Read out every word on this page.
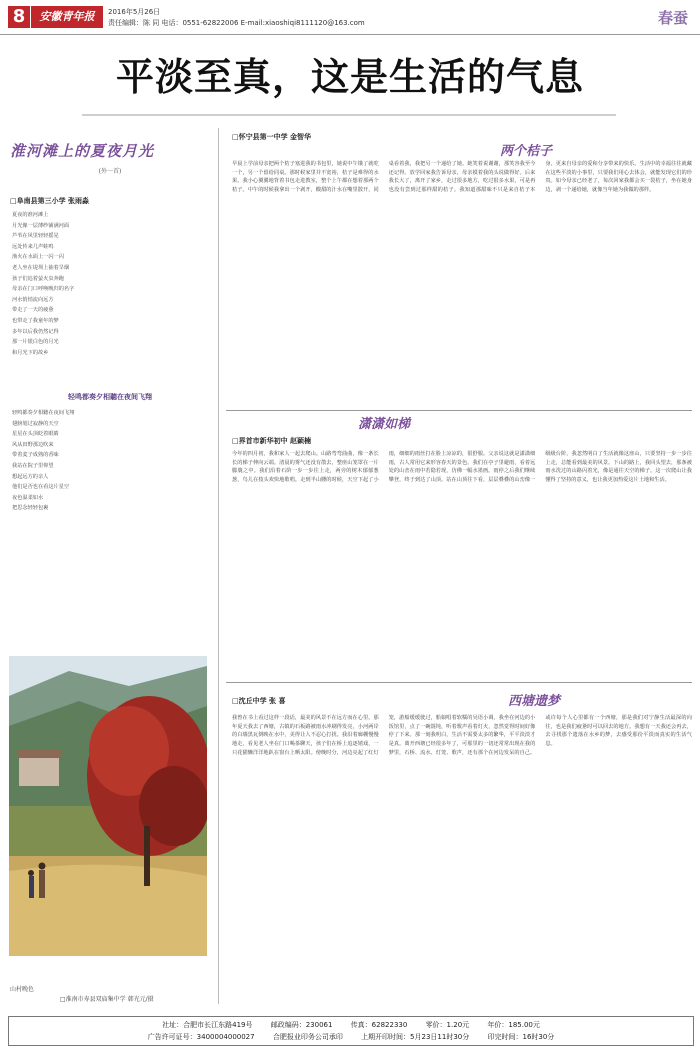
8	安徽青年报	2016年5月26日
责任编辑：陈 同 电话：0551-62822006 E-mail:xiaoshiqi8111120@163.com	春蚕
平淡至真，这是生活的气息
淮河滩上的夏夜月光
(外一首)
□阜南县第三小学 张雨淼
夏夜的淮河滩上
月光像一层薄纱铺满河面
芦苇在风里轻轻摇晃
远处传来几声蛙鸣
渔火在水面上一闪一闪
老人坐在堤坝上抽着旱烟
孩子们追着萤火虫奔跑
母亲在门口呼唤晚归的名字
河水悄悄流向远方
带走了一天的疲惫
也带走了我童年的梦
多年以后我仍然记得
那一片银白色的月光
和月光下的故乡
轻鸣都奏夕相聽在夜间飞翔
轻鸣都奏夕相聽在夜间飞翔
翅膀划过寂静的天空
星星在头顶眨着眼睛
风从田野那边吹来
带着麦子成熟的香味
我站在院子里仰望
想起远方的亲人
他们是否也在看这片星空
夜色温柔如水
把思念轻轻包裹
山村晚色
□淮南市寿县双庙集中学 韩光元/摄
□怀宁县第一中学 金智华
两个桔子
早晨上学前母亲把两个桔子塞进我的书包里，她说中午饿了就吃一个，另一个留给同桌。那时候家里并不宽裕，桔子是难得的水果。我小心翼翼地背着书包走进教室，整个上午都在想着那两个桔子。中午的时候我拿出一个剥开，酸甜的汁水在嘴里散开，同桌看着我，我把另一个递给了她。她笑着说谢谢，那笑容我至今还记得。放学回家我告诉母亲，母亲摸着我的头说做得好。后来我长大了，离开了家乡，走过很多地方，吃过很多水果，可是再也没有尝到过那样甜的桔子。我知道那甜味不只是来自桔子本身，更来自母亲的爱和分享带来的快乐。生活中的幸福往往就藏在这些平淡的小事里，只要我们用心去体会，就能发现它们的珍贵。如今母亲已经老了，每次回家我都会买一袋桔子，坐在她身边，剥一个递给她，就像当年她为我做的那样。
潇潇如梯
□界首市新华初中 赵颖楠
今年的四月初，我和家人一起去爬山。山路弯弯曲曲，像一条长长的梯子伸向云端。清晨的雾气还没有散去，整座山笼罩在一片朦胧之中。我们沿着石阶一步一步往上走，两旁的树木郁郁葱葱，鸟儿在枝头欢快地歌唱。走到半山腰的时候，天空下起了小雨，细细的雨丝打在脸上凉凉的，很舒服。父亲说这就是潇潇细雨，古人常用它来形容春天的景色。我们在亭子里避雨，看着远处的山峦在雨中若隐若现，仿佛一幅水墨画。雨停之后我们继续攀登，终于到达了山顶。站在山顶往下看，层层叠叠的山峦像一级级台阶，我忽然明白了生活就像这座山，只要坚持一步一步往上走，总能看到最美的风景。下山的路上，我回头望去，那条被雨水洗过的山路闪着光，像是通往天空的梯子。这一次爬山让我懂得了坚持的意义，也让我更加热爱这片土地和生活。
□沈丘中学 张 喜	西塘遗梦
我曾在书上看过这样一段话，最美的风景不在远方而在心里。那年夏天我去了西塘，古镇的石板路被雨水冲刷得发亮，小河两岸的白墙黑瓦倒映在水中，美得让人不忍心打扰。我沿着廊棚慢慢地走，看见老人坐在门口喝茶聊天，孩子们在桥上追逐嬉戏，一只花猫懒洋洋地趴在窗台上晒太阳。傍晚时分，河边亮起了红灯笼，游船缓缓驶过，船娘唱着软糯的吴语小调，我坐在河边的小饭馆里，点了一碗馄饨，听着歌声看着灯火，忽然觉得时间好像停了下来。那一刻我明白，生活不需要太多的繁华，平平淡淡才是真。离开西塘已经很多年了，可那里的一切还常常出现在我的梦里，石桥、流水、灯笼、歌声，还有那个在河边发呆的自己。或许每个人心里都有一个西塘，那是我们对宁静生活最深的向往，也是我们疲惫时可以回去的地方。我想有一天我还会再去，去寻找那个遗落在水乡的梦，去感受那份平淡而真实的生活气息。
社址：合肥市长江东路419号	邮政编码：230061	传真：62822330	零价：1.20元	年价：185.00元
广告许可证号：3400004000027	合肥报业印务公司承印	上期开印时间：5月23日11时30分	印完时间：16时30分
